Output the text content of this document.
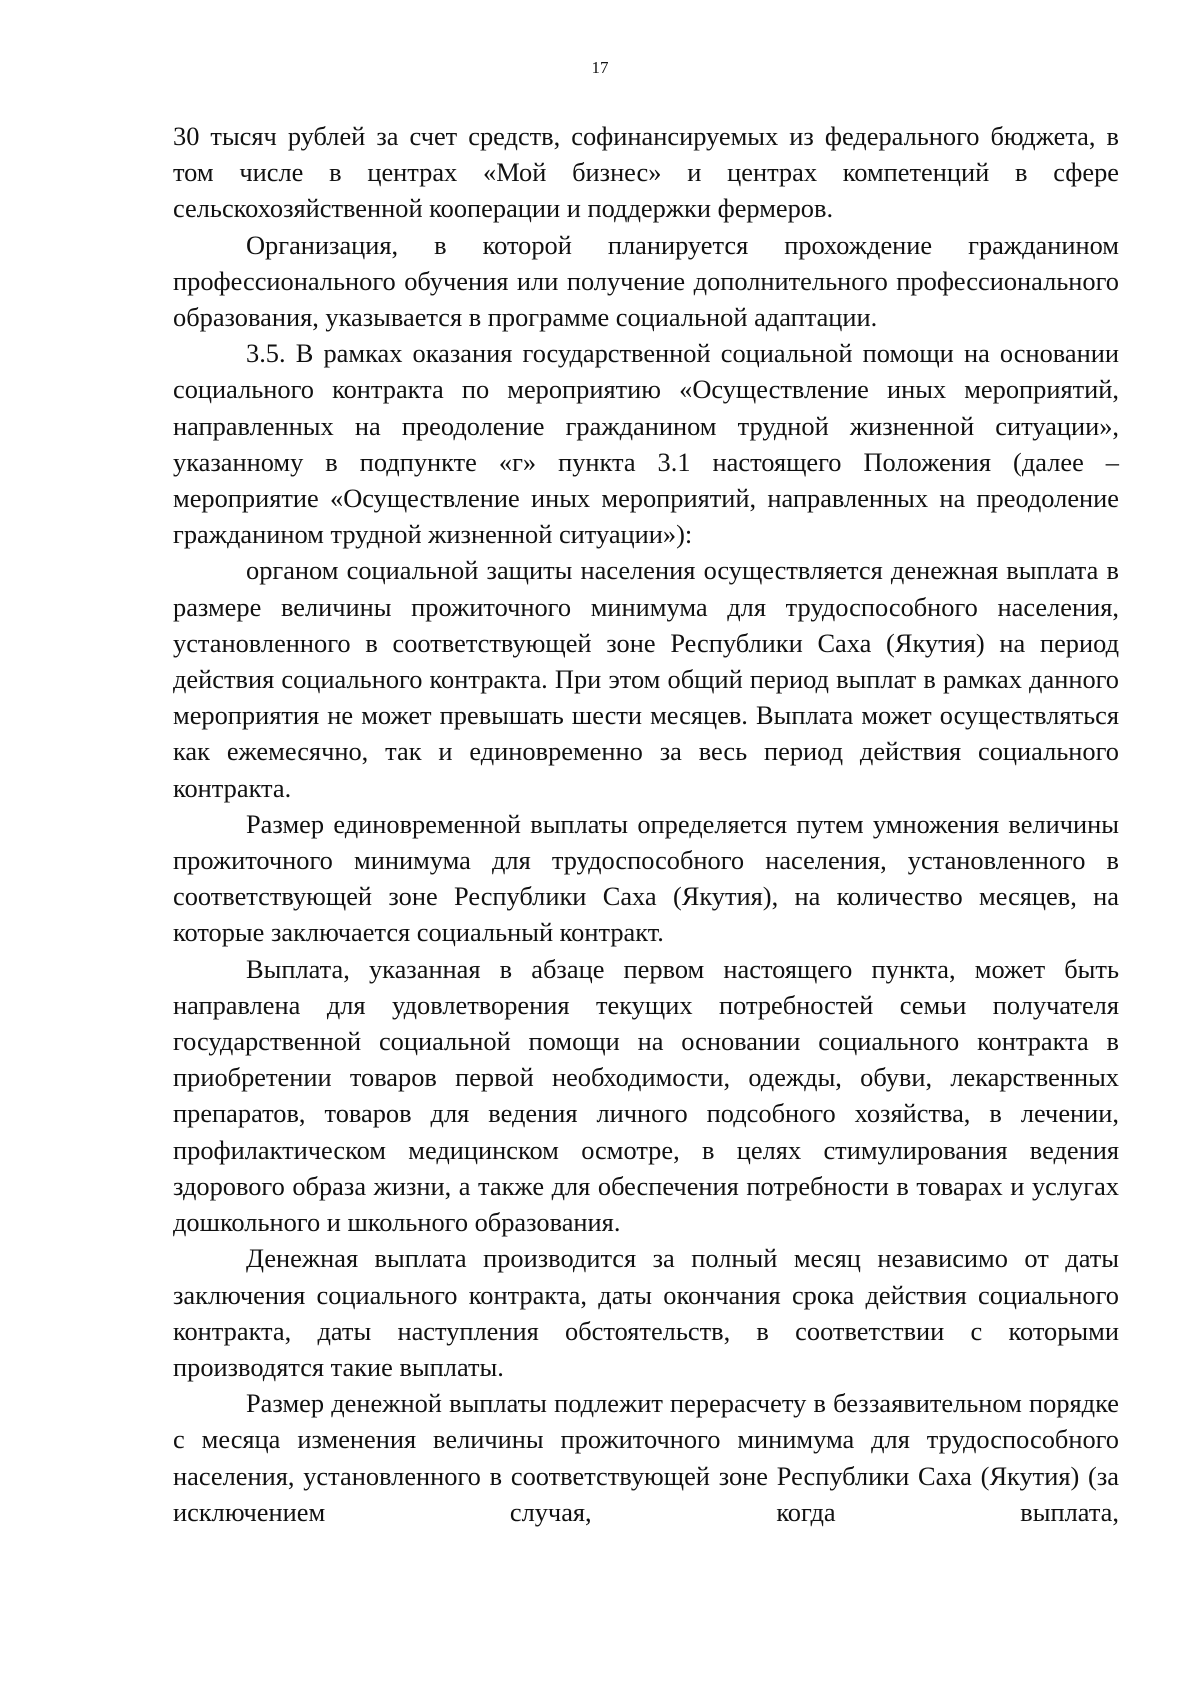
17

30 тысяч рублей за счет средств, софинансируемых из федерального бюджета, в том числе в центрах «Мой бизнес» и центрах компетенций в сфере сельскохозяйственной кооперации и поддержки фермеров.

Организация, в которой планируется прохождение гражданином профессионального обучения или получение дополнительного профессионального образования, указывается в программе социальной адаптации.

3.5. В рамках оказания государственной социальной помощи на основании социального контракта по мероприятию «Осуществление иных мероприятий, направленных на преодоление гражданином трудной жизненной ситуации», указанному в подпункте «г» пункта 3.1 настоящего Положения (далее – мероприятие «Осуществление иных мероприятий, направленных на преодоление гражданином трудной жизненной ситуации»):

органом социальной защиты населения осуществляется денежная выплата в размере величины прожиточного минимума для трудоспособного населения, установленного в соответствующей зоне Республики Саха (Якутия) на период действия социального контракта. При этом общий период выплат в рамках данного мероприятия не может превышать шести месяцев. Выплата может осуществляться как ежемесячно, так и единовременно за весь период действия социального контракта.

Размер единовременной выплаты определяется путем умножения величины прожиточного минимума для трудоспособного населения, установленного в соответствующей зоне Республики Саха (Якутия), на количество месяцев, на которые заключается социальный контракт.

Выплата, указанная в абзаце первом настоящего пункта, может быть направлена для удовлетворения текущих потребностей семьи получателя государственной социальной помощи на основании социального контракта в приобретении товаров первой необходимости, одежды, обуви, лекарственных препаратов, товаров для ведения личного подсобного хозяйства, в лечении, профилактическом медицинском осмотре, в целях стимулирования ведения здорового образа жизни, а также для обеспечения потребности в товарах и услугах дошкольного и школьного образования.

Денежная выплата производится за полный месяц независимо от даты заключения социального контракта, даты окончания срока действия социального контракта, даты наступления обстоятельств, в соответствии с которыми производятся такие выплаты.

Размер денежной выплаты подлежит перерасчету в беззаявительном порядке с месяца изменения величины прожиточного минимума для трудоспособного населения, установленного в соответствующей зоне Республики Саха (Якутия) (за исключением случая, когда выплата,
